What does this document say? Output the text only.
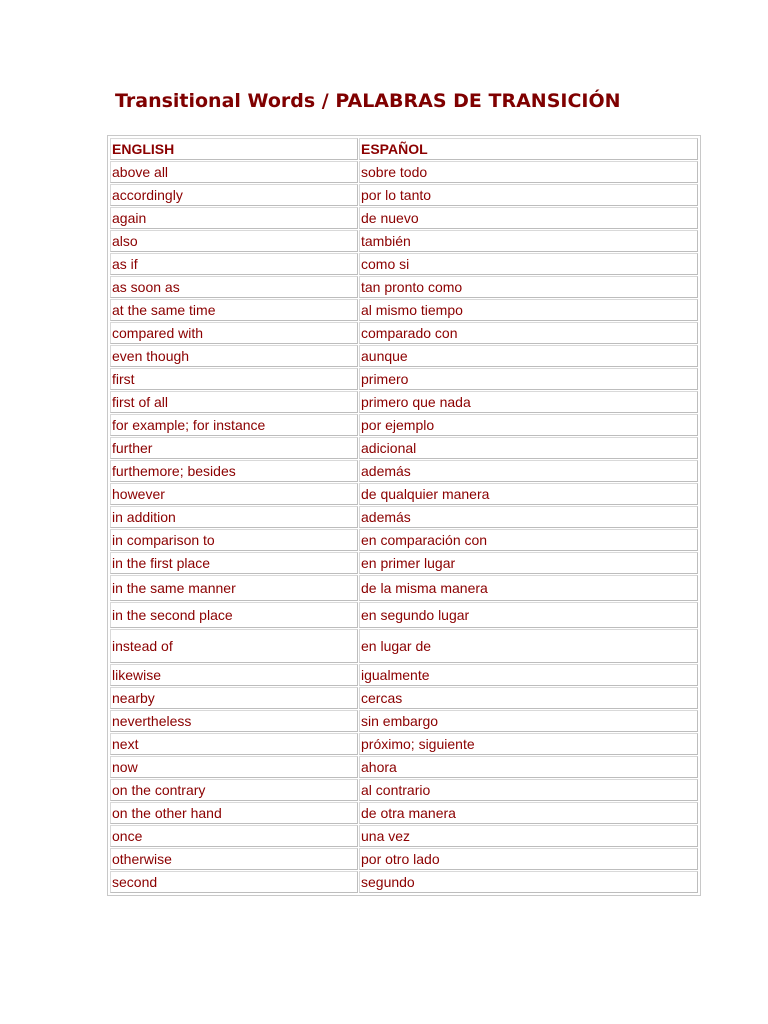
Transitional Words / PALABRAS DE TRANSICIÓN
ENGLISH	ESPAÑOL
above all	sobre todo
accordingly	por lo tanto
again	de nuevo
also	también
as if	como si
as soon as	tan pronto como
at the same time	al mismo tiempo
compared with	comparado con
even though	aunque
first	primero
first of all	primero que nada
for example; for instance	por ejemplo
further	adicional
furthemore; besides	además
however	de qualquier manera
in addition	además
in comparison to	en comparación con
in the first place	en primer lugar
in the same manner	de la misma manera
in the second place	en segundo lugar
instead of	en lugar de
likewise	igualmente
nearby	cercas
nevertheless	sin embargo
next	próximo; siguiente
now	ahora
on the contrary	al contrario
on the other hand	de otra manera
once	una vez
otherwise	por otro lado
second	segundo
